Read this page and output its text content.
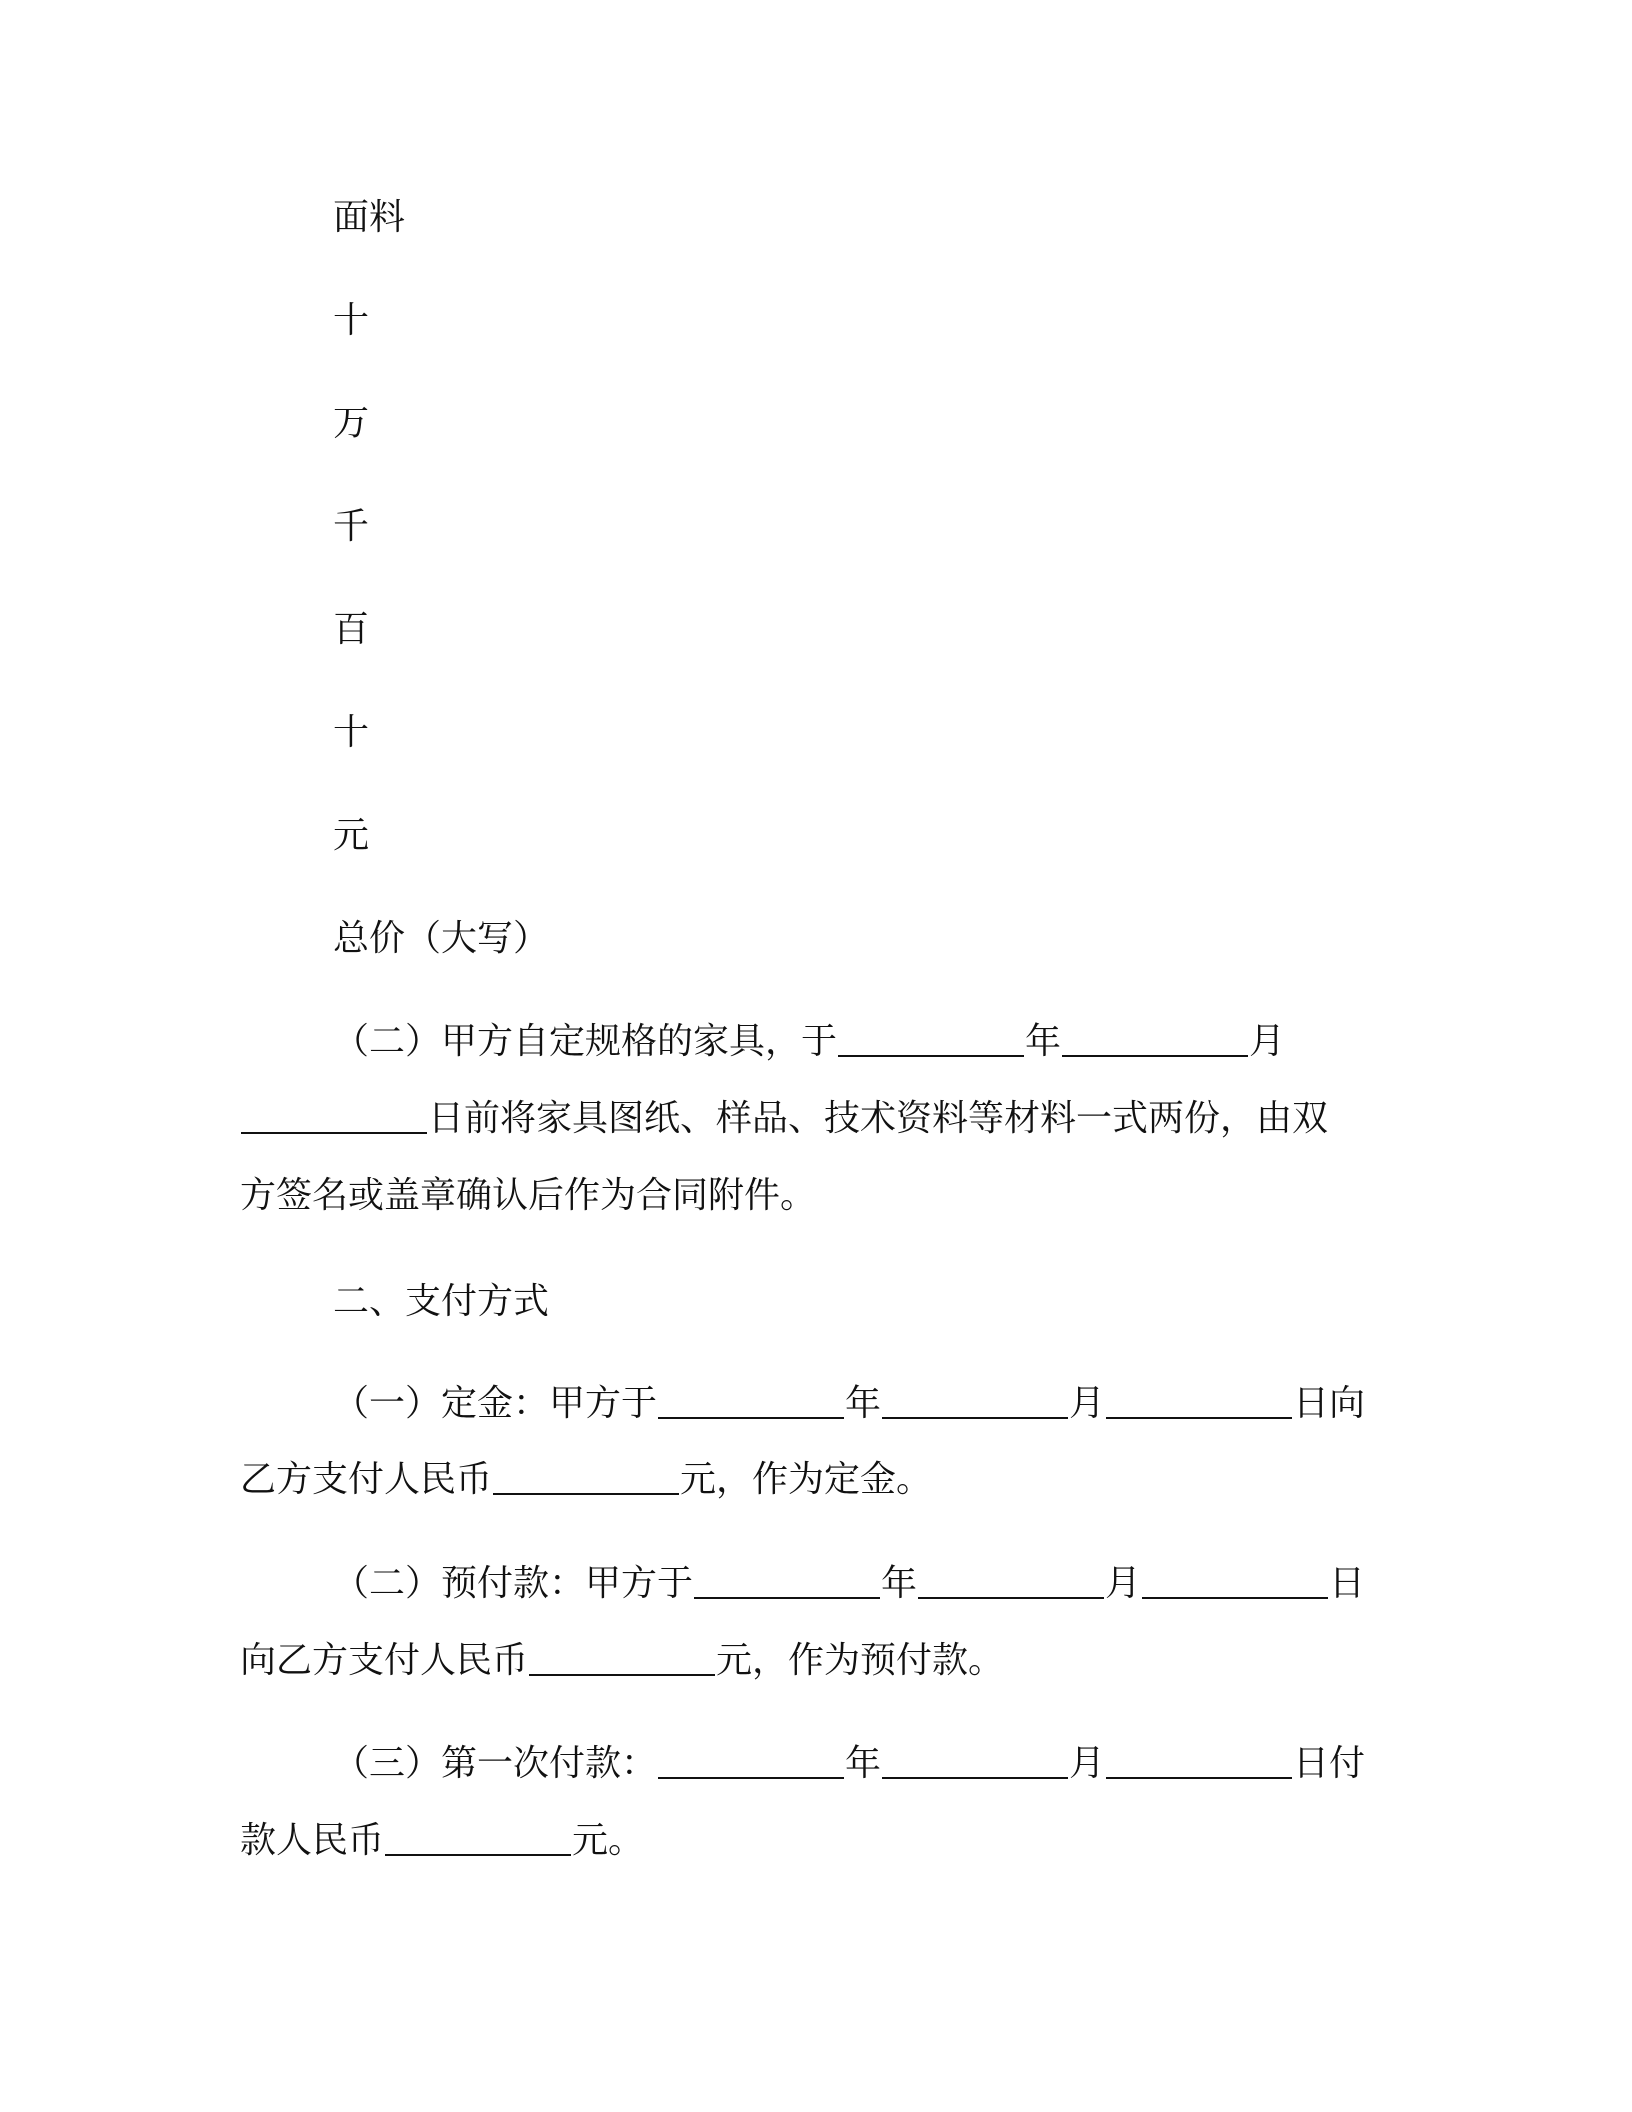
面料
十
万
千
百
十
元
总价（大写）
（二）甲方自定规格的家具，于	年	月
日前将家具图纸、样品、技术资料等材料一式两份，由双
方签名或盖章确认后作为合同附件。
二、支付方式
（一）定金：甲方于	年	月	日向
乙方支付人民币	元，作为定金。
（二）预付款：甲方于	年	月	日
向乙方支付人民币	元，作为预付款。
（三）第一次付款：	年	月	日付
款人民币	元。
